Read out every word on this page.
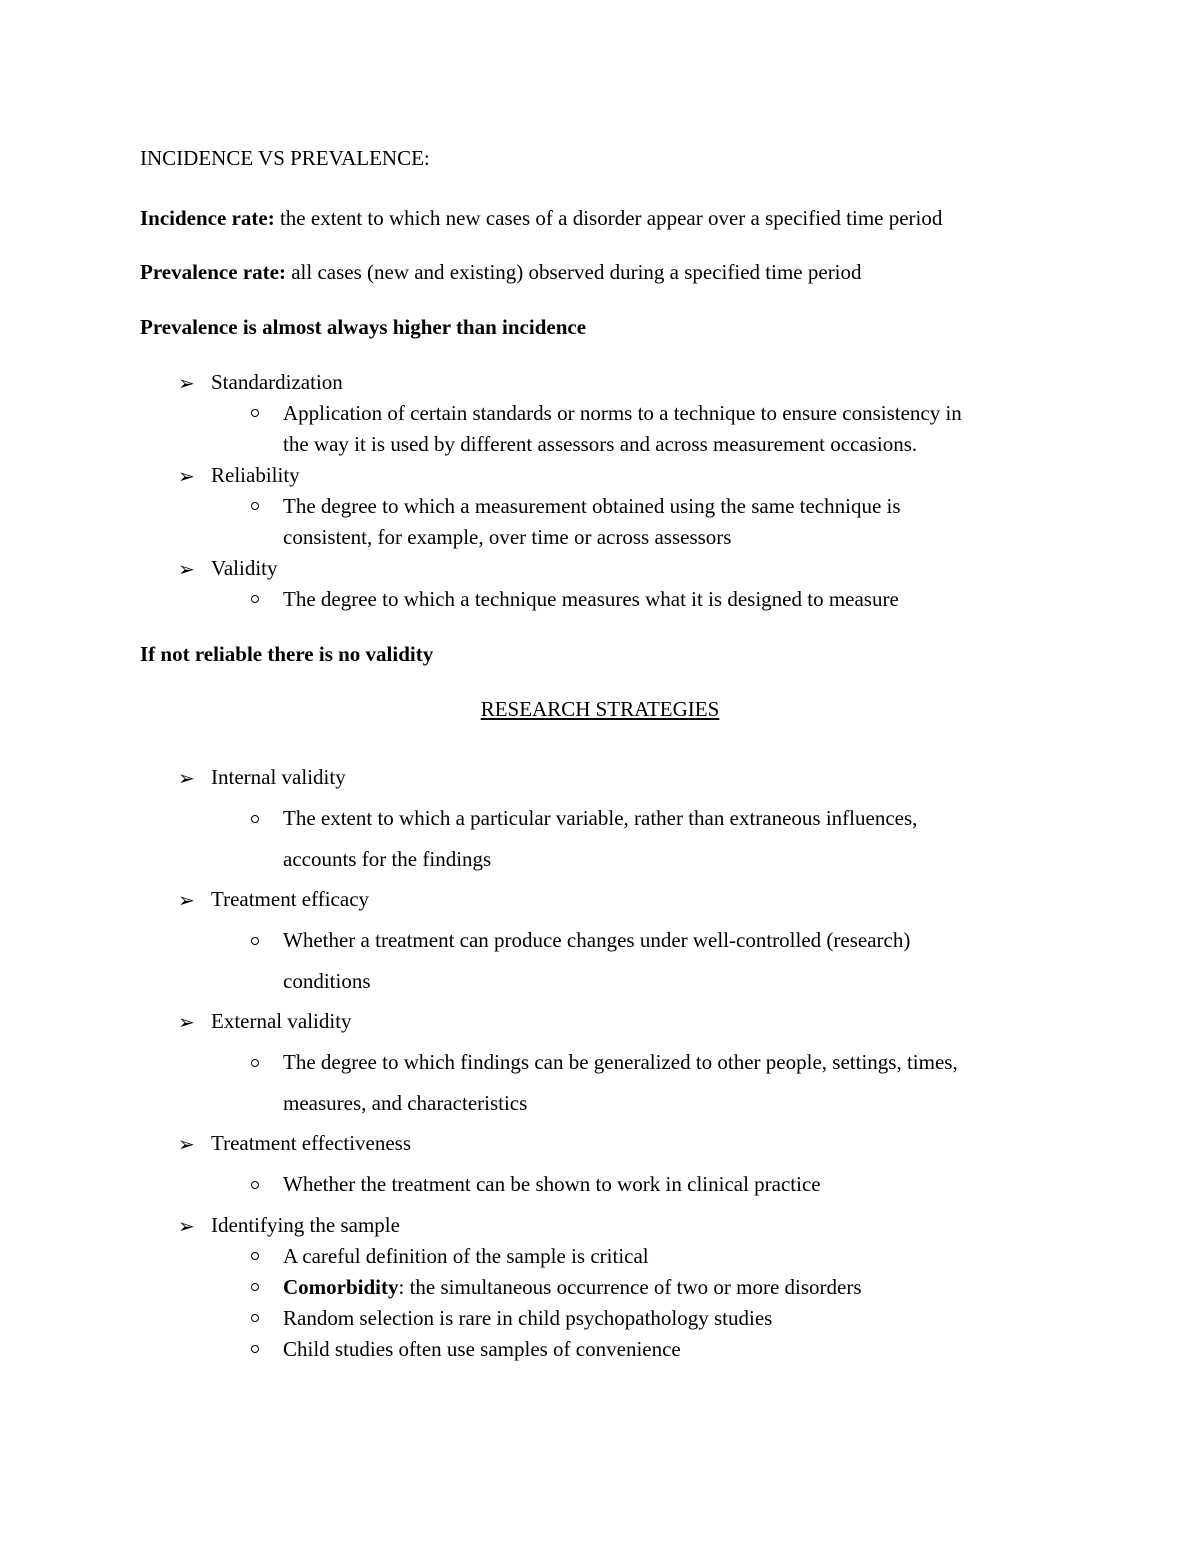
INCIDENCE VS PREVALENCE:
Incidence rate: the extent to which new cases of a disorder appear over a specified time period
Prevalence rate: all cases (new and existing) observed during a specified time period
Prevalence is almost always higher than incidence
➢ Standardization
Application of certain standards or norms to a technique to ensure consistency in
the way it is used by different assessors and across measurement occasions.
➢ Reliability
The degree to which a measurement obtained using the same technique is
consistent, for example, over time or across assessors
➢ Validity
The degree to which a technique measures what it is designed to measure
If not reliable there is no validity
RESEARCH STRATEGIES
➢ Internal validity
The extent to which a particular variable, rather than extraneous influences,
accounts for the findings
➢ Treatment efficacy
Whether a treatment can produce changes under well-controlled (research)
conditions
➢ External validity
The degree to which findings can be generalized to other people, settings, times,
measures, and characteristics
➢ Treatment effectiveness
Whether the treatment can be shown to work in clinical practice
➢ Identifying the sample
A careful definition of the sample is critical
Comorbidity: the simultaneous occurrence of two or more disorders
Random selection is rare in child psychopathology studies
Child studies often use samples of convenience
